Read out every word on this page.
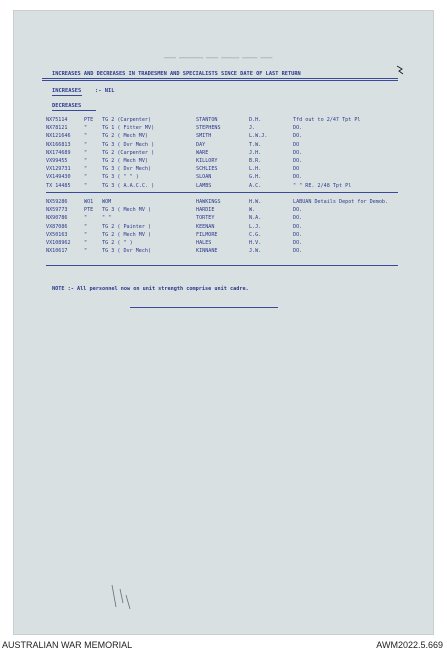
▬▬▬▬ ▬▬▬▬▬▬▬▬ ▬▬▬▬ ▬▬▬▬▬▬ ▬▬▬▬▬ ▬▬▬▬
INCREASES AND DECREASES IN TRADESMEN AND SPECIALISTS SINCE DATE OF LAST RETURN
INCREASES	:- NIL
DECREASES
NX75114	PTE TG 2 (Carpenter)	STANTON	D.H.	Tfd out to 2/47 Tpt Pl
NX78121	"	TG 1 ( Fitter MV)	STEPHENS	J.	DO.
NX121646	"	TG 2 ( Mech MV)	SMITH	L.W.J.	DO.
NX166813	"	TG 3 ( Dvr Mech )	DAY	T.W.	DO
NX174689	"	TG 2 (Carpenter )	WARE	J.H.	DO.
VX99455	"	TG 2 ( Mech MV)	KILLORY	B.R.	DO.
VX129731	"	TG 3 ( Dvr Mech)	SCHLIES	L.H.	DO
VX149430	"	TG 3 ( " " )	SLOAN	G.H.	DO.
TX 14485	"	TG 3 ( A.A.C.C. )	LAMBS	A.C.	" " RE. 2/48 Tpt Pl
NX59286	WO1 WOM	HAWKINGS	H.W.	LABUAN Details Depot for Demob.
NX59773	PTE TG 3 ( Mech MV )	HARDIE	W.	DO.
NX90786	"	" "	TORTEY	N.A.	DO.
VX87086	"	TG 2 ( Painter )	KEENAN	L.J.	DO.
VX50163	"	TG 2 ( Mech MV )	FILMORE	C.G.	DO.
VX108962	"	TG 2 ( " )	HALES	H.V.	DO.
NX10617	"	TG 3 ( Dvr Mech)	KINNANE	J.W.	DO.
NOTE :- All personnel now on unit strength comprise unit cadre.
AUSTRALIAN WAR MEMORIAL	AWM2022.5.669
